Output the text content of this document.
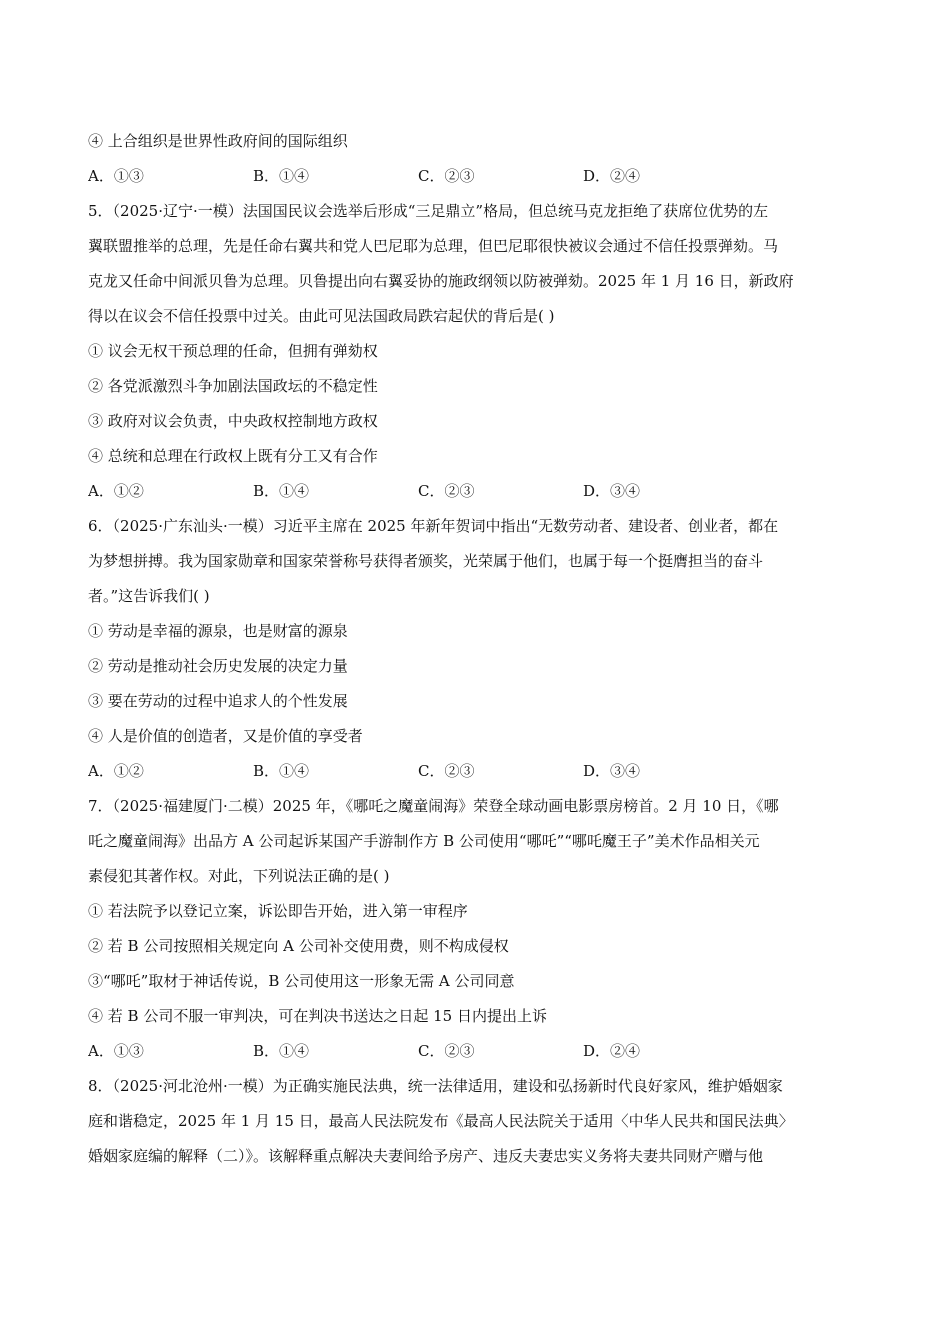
④ 上合组织是世界性政府间的国际组织
A．①③	B．①④	C．②③	D．②④
5．（2025·辽宁·一模）法国国民议会选举后形成“三足鼎立”格局，但总统马克龙拒绝了获席位优势的左
翼联盟推举的总理，先是任命右翼共和党人巴尼耶为总理，但巴尼耶很快被议会通过不信任投票弹劾。马
克龙又任命中间派贝鲁为总理。贝鲁提出向右翼妥协的施政纲领以防被弹劾。2025 年 1 月 16 日，新政府
得以在议会不信任投票中过关。由此可见法国政局跌宕起伏的背后是( )
① 议会无权干预总理的任命，但拥有弹劾权
② 各党派激烈斗争加剧法国政坛的不稳定性
③ 政府对议会负责，中央政权控制地方政权
④ 总统和总理在行政权上既有分工又有合作
A．①②	B．①④	C．②③	D．③④
6．（2025·广东汕头·一模）习近平主席在 2025 年新年贺词中指出“无数劳动者、建设者、创业者，都在
为梦想拼搏。我为国家勋章和国家荣誉称号获得者颁奖，光荣属于他们，也属于每一个挺膺担当的奋斗
者。”这告诉我们( )
① 劳动是幸福的源泉，也是财富的源泉
② 劳动是推动社会历史发展的决定力量
③ 要在劳动的过程中追求人的个性发展
④ 人是价值的创造者，又是价值的享受者
A．①②	B．①④	C．②③	D．③④
7．（2025·福建厦门·二模）2025 年，《哪吒之魔童闹海》荣登全球动画电影票房榜首。2 月 10 日，《哪
吒之魔童闹海》出品方 A 公司起诉某国产手游制作方 B 公司使用“哪吒”“哪吒魔王子”美术作品相关元
素侵犯其著作权。对此，下列说法正确的是( )
① 若法院予以登记立案，诉讼即告开始，进入第一审程序
② 若 B 公司按照相关规定向 A 公司补交使用费，则不构成侵权
③“哪吒”取材于神话传说，B 公司使用这一形象无需 A 公司同意
④ 若 B 公司不服一审判决，可在判决书送达之日起 15 日内提出上诉
A．①③	B．①④	C．②③	D．②④
8．（2025·河北沧州·一模）为正确实施民法典，统一法律适用，建设和弘扬新时代良好家风，维护婚姻家
庭和谐稳定，2025 年 1 月 15 日，最高人民法院发布《最高人民法院关于适用〈中华人民共和国民法典〉
婚姻家庭编的解释（二）》。该解释重点解决夫妻间给予房产、违反夫妻忠实义务将夫妻共同财产赠与他
